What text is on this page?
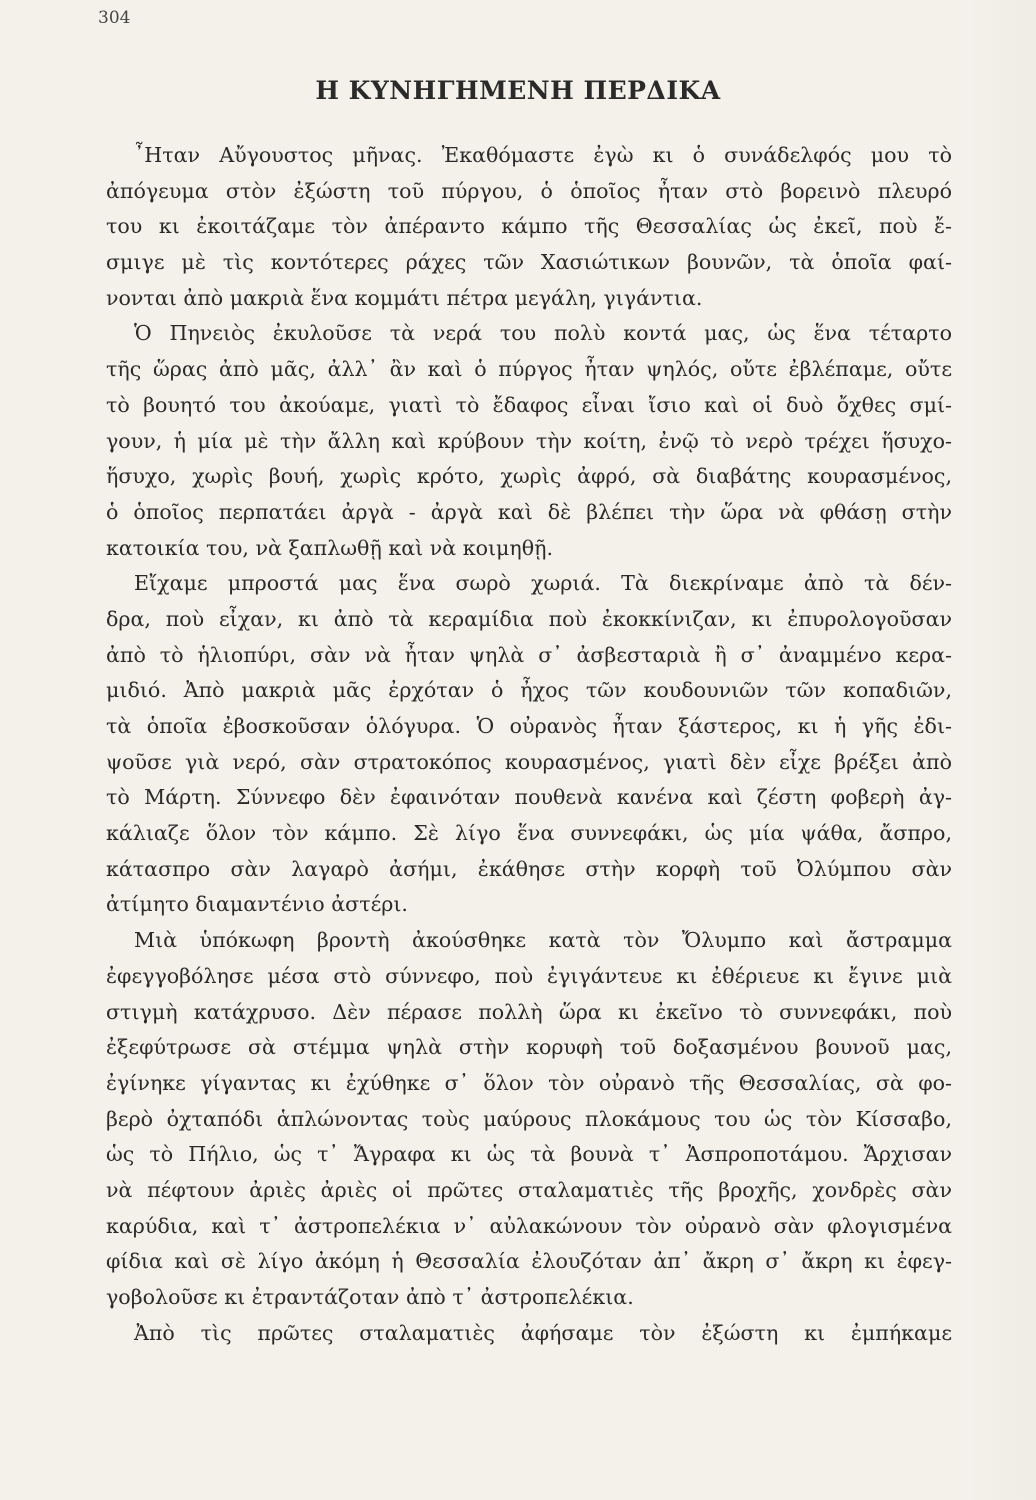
304
Η ΚΥΝΗΓΗΜΕΝΗ ΠΕΡΔΙΚΑ
῏Ηταν Αὔγουστος μῆνας. Ἐκαθόμαστε ἐγὼ κι ὁ συνάδελφός μου τὸ
ἀπόγευμα στὸν ἐξώστη τοῦ πύργου, ὁ ὁποῖος ἦταν στὸ βορεινὸ πλευρό
του κι ἐκοιτάζαμε τὸν ἀπέραντο κάμπο τῆς Θεσσαλίας ὡς ἐκεῖ, ποὺ ἔ-
σμιγε μὲ τὶς κοντότερες ράχες τῶν Χασιώτικων βουνῶν, τὰ ὁποῖα φαί-
νονται ἀπὸ μακριὰ ἕνα κομμάτι πέτρα μεγάλη, γιγάντια.
Ὁ Πηνειὸς ἐκυλοῦσε τὰ νερά του πολὺ κοντά μας, ὡς ἕνα τέταρτο
τῆς ὥρας ἀπὸ μᾶς, ἀλλ᾿ ἂν καὶ ὁ πύργος ἦταν ψηλός, οὔτε ἐβλέπαμε, οὔτε
τὸ βουητό του ἀκούαμε, γιατὶ τὸ ἔδαφος εἶναι ἴσιο καὶ οἱ δυὸ ὄχθες σμί-
γουν, ἡ μία μὲ τὴν ἄλλη καὶ κρύβουν τὴν κοίτη, ἐνῷ τὸ νερὸ τρέχει ἥσυχο-
ἥσυχο, χωρὶς βουή, χωρὶς κρότο, χωρὶς ἀφρό, σὰ διαβάτης κουρασμένος,
ὁ ὁποῖος περπατάει ἀργὰ - ἀργὰ καὶ δὲ βλέπει τὴν ὥρα νὰ φθάσῃ στὴν
κατοικία του, νὰ ξαπλωθῇ καὶ νὰ κοιμηθῇ.
Εἴχαμε μπροστά μας ἕνα σωρὸ χωριά. Τὰ διεκρίναμε ἀπὸ τὰ δέν-
δρα, ποὺ εἶχαν, κι ἀπὸ τὰ κεραμίδια ποὺ ἐκοκκίνιζαν, κι ἐπυρολογοῦσαν
ἀπὸ τὸ ἡλιοπύρι, σὰν νὰ ἦταν ψηλὰ σ᾿ ἀσβεσταριὰ ἢ σ᾿ ἀναμμένο κερα-
μιδιό. Ἀπὸ μακριὰ μᾶς ἐρχόταν ὁ ἦχος τῶν κουδουνιῶν τῶν κοπαδιῶν,
τὰ ὁποῖα ἐβοσκοῦσαν ὁλόγυρα. Ὁ οὐρανὸς ἦταν ξάστερος, κι ἡ γῆς ἐδι-
ψοῦσε γιὰ νερό, σὰν στρατοκόπος κουρασμένος, γιατὶ δὲν εἶχε βρέξει ἀπὸ
τὸ Μάρτη. Σύννεφο δὲν ἐφαινόταν πουθενὰ κανένα καὶ ζέστη φοβερὴ ἀγ-
κάλιαζε ὅλον τὸν κάμπο. Σὲ λίγο ἕνα συννεφάκι, ὡς μία ψάθα, ἄσπρο,
κάτασπρο σὰν λαγαρὸ ἀσήμι, ἐκάθησε στὴν κορφὴ τοῦ Ὀλύμπου σὰν
ἀτίμητο διαμαντένιο ἀστέρι.
Μιὰ ὑπόκωφη βροντὴ ἀκούσθηκε κατὰ τὸν Ὄλυμπο καὶ ἄστραμμα
ἐφεγγοβόλησε μέσα στὸ σύννεφο, ποὺ ἐγιγάντευε κι ἐθέριευε κι ἔγινε μιὰ
στιγμὴ κατάχρυσο. Δὲν πέρασε πολλὴ ὥρα κι ἐκεῖνο τὸ συννεφάκι, ποὺ
ἐξεφύτρωσε σὰ στέμμα ψηλὰ στὴν κορυφὴ τοῦ δοξασμένου βουνοῦ μας,
ἐγίνηκε γίγαντας κι ἐχύθηκε σ᾿ ὅλον τὸν οὐρανὸ τῆς Θεσσαλίας, σὰ φο-
βερὸ ὀχταπόδι ἁπλώνοντας τοὺς μαύρους πλοκάμους του ὡς τὸν Κίσσαβο,
ὡς τὸ Πήλιο, ὡς τ᾿ Ἄγραφα κι ὡς τὰ βουνὰ τ᾿ Ἀσπροποτάμου. Ἄρχισαν
νὰ πέφτουν ἀριὲς ἀριὲς οἱ πρῶτες σταλαματιὲς τῆς βροχῆς, χονδρὲς σὰν
καρύδια, καὶ τ᾿ ἀστροπελέκια ν᾿ αὐλακώνουν τὸν οὐρανὸ σὰν φλογισμένα
φίδια καὶ σὲ λίγο ἀκόμη ἡ Θεσσαλία ἐλουζόταν ἀπ᾿ ἄκρη σ᾿ ἄκρη κι ἐφεγ-
γοβολοῦσε κι ἐτραντάζοταν ἀπὸ τ᾿ ἀστροπελέκια.
Ἀπὸ τὶς πρῶτες σταλαματιὲς ἀφήσαμε τὸν ἐξώστη κι ἐμπήκαμε
